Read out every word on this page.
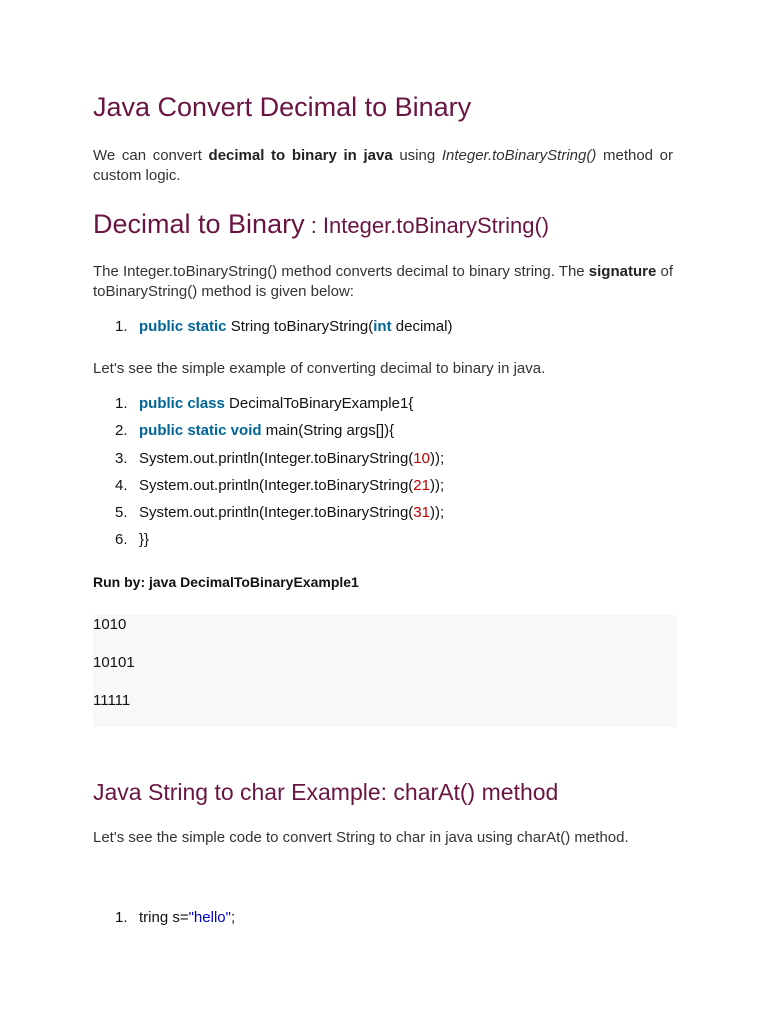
Java Convert Decimal to Binary

We can convert decimal to binary in java using Integer.toBinaryString() method or custom logic.

Decimal to Binary : Integer.toBinaryString()

The Integer.toBinaryString() method converts decimal to binary string. The signature of toBinaryString() method is given below:

1. public static String toBinaryString(int decimal)

Let's see the simple example of converting decimal to binary in java.

1. public class DecimalToBinaryExample1{
2. public static void main(String args[]){
3. System.out.println(Integer.toBinaryString(10));
4. System.out.println(Integer.toBinaryString(21));
5. System.out.println(Integer.toBinaryString(31));
6. }}

Run by: java DecimalToBinaryExample1

1010
10101
11111
Java String to char Example: charAt() method

Let's see the simple code to convert String to char in java using charAt() method.

1. tring s="hello";
